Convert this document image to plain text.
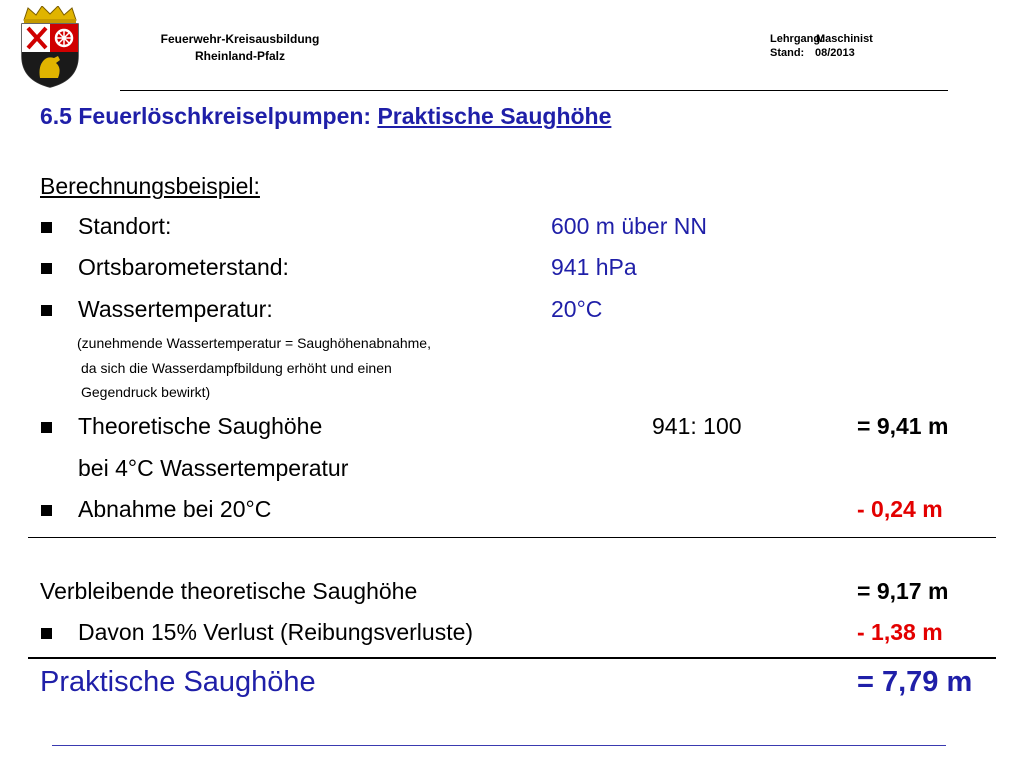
Feuerwehr-Kreisausbildung
Rheinland-Pfalz
Lehrgang:Maschinist
Stand: 08/2013
6.5 Feuerlöschkreiselpumpen: Praktische Saughöhe
Berechnungsbeispiel:
Standort:	600 m über NN
Ortsbarometerstand:	941 hPa
Wassertemperatur:	20°C
(zunehmende Wassertemperatur = Saughöhenabnahme,
da sich die Wasserdampfbildung erhöht und einen
Gegendruck bewirkt)
Theoretische Saughöhe	941: 100	= 9,41 m
bei 4°C Wassertemperatur
Abnahme bei 20°C	- 0,24 m
Verbleibende theoretische Saughöhe	= 9,17 m
Davon 15% Verlust (Reibungsverluste)	- 1,38 m
Praktische Saughöhe	= 7,79 m
